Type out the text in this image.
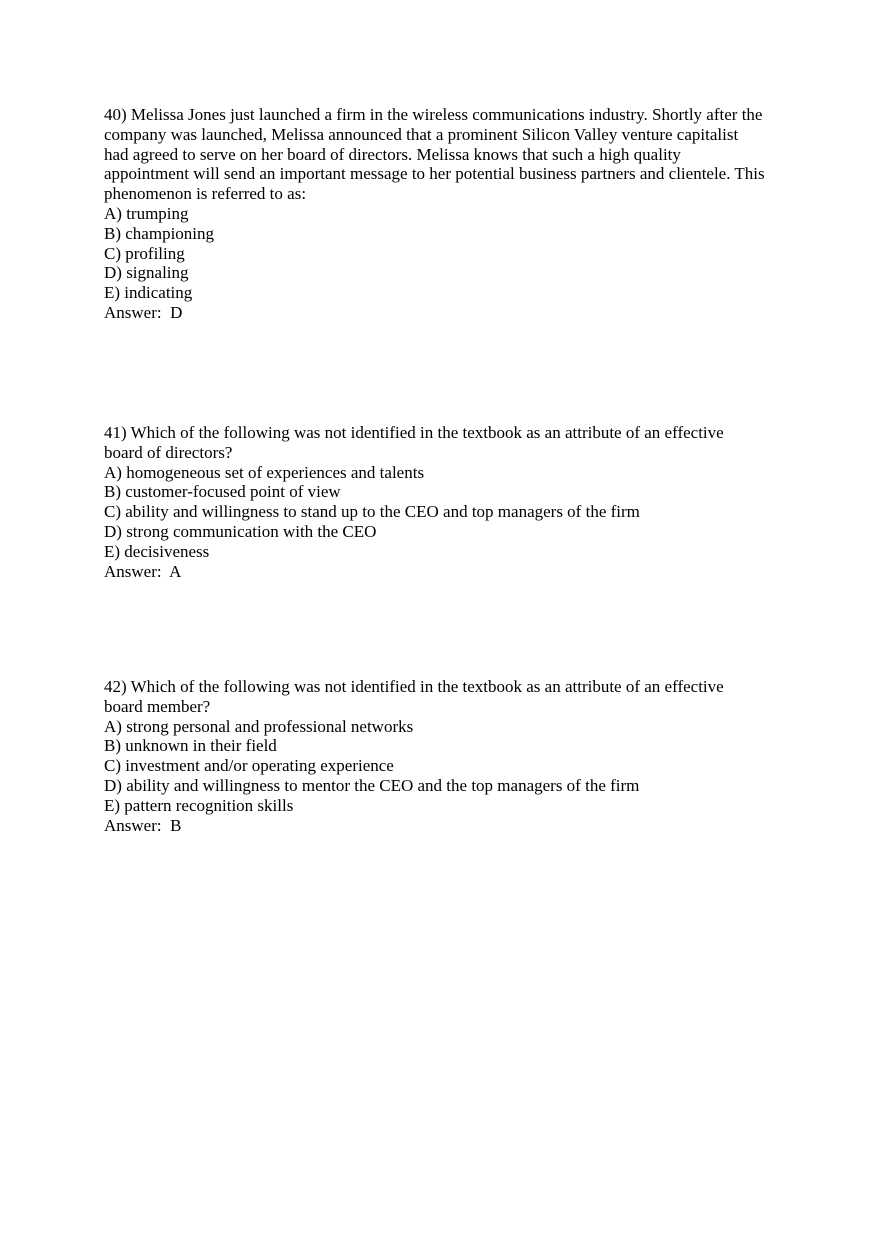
40) Melissa Jones just launched a firm in the wireless communications industry. Shortly after the
company was launched, Melissa announced that a prominent Silicon Valley venture capitalist
had agreed to serve on her board of directors. Melissa knows that such a high quality
appointment will send an important message to her potential business partners and clientele. This
phenomenon is referred to as:
A) trumping
B) championing
C) profiling
D) signaling
E) indicating
Answer:  D
41) Which of the following was not identified in the textbook as an attribute of an effective
board of directors?
A) homogeneous set of experiences and talents
B) customer-focused point of view
C) ability and willingness to stand up to the CEO and top managers of the firm
D) strong communication with the CEO
E) decisiveness
Answer:  A
42) Which of the following was not identified in the textbook as an attribute of an effective
board member?
A) strong personal and professional networks
B) unknown in their field
C) investment and/or operating experience
D) ability and willingness to mentor the CEO and the top managers of the firm
E) pattern recognition skills
Answer:  B
